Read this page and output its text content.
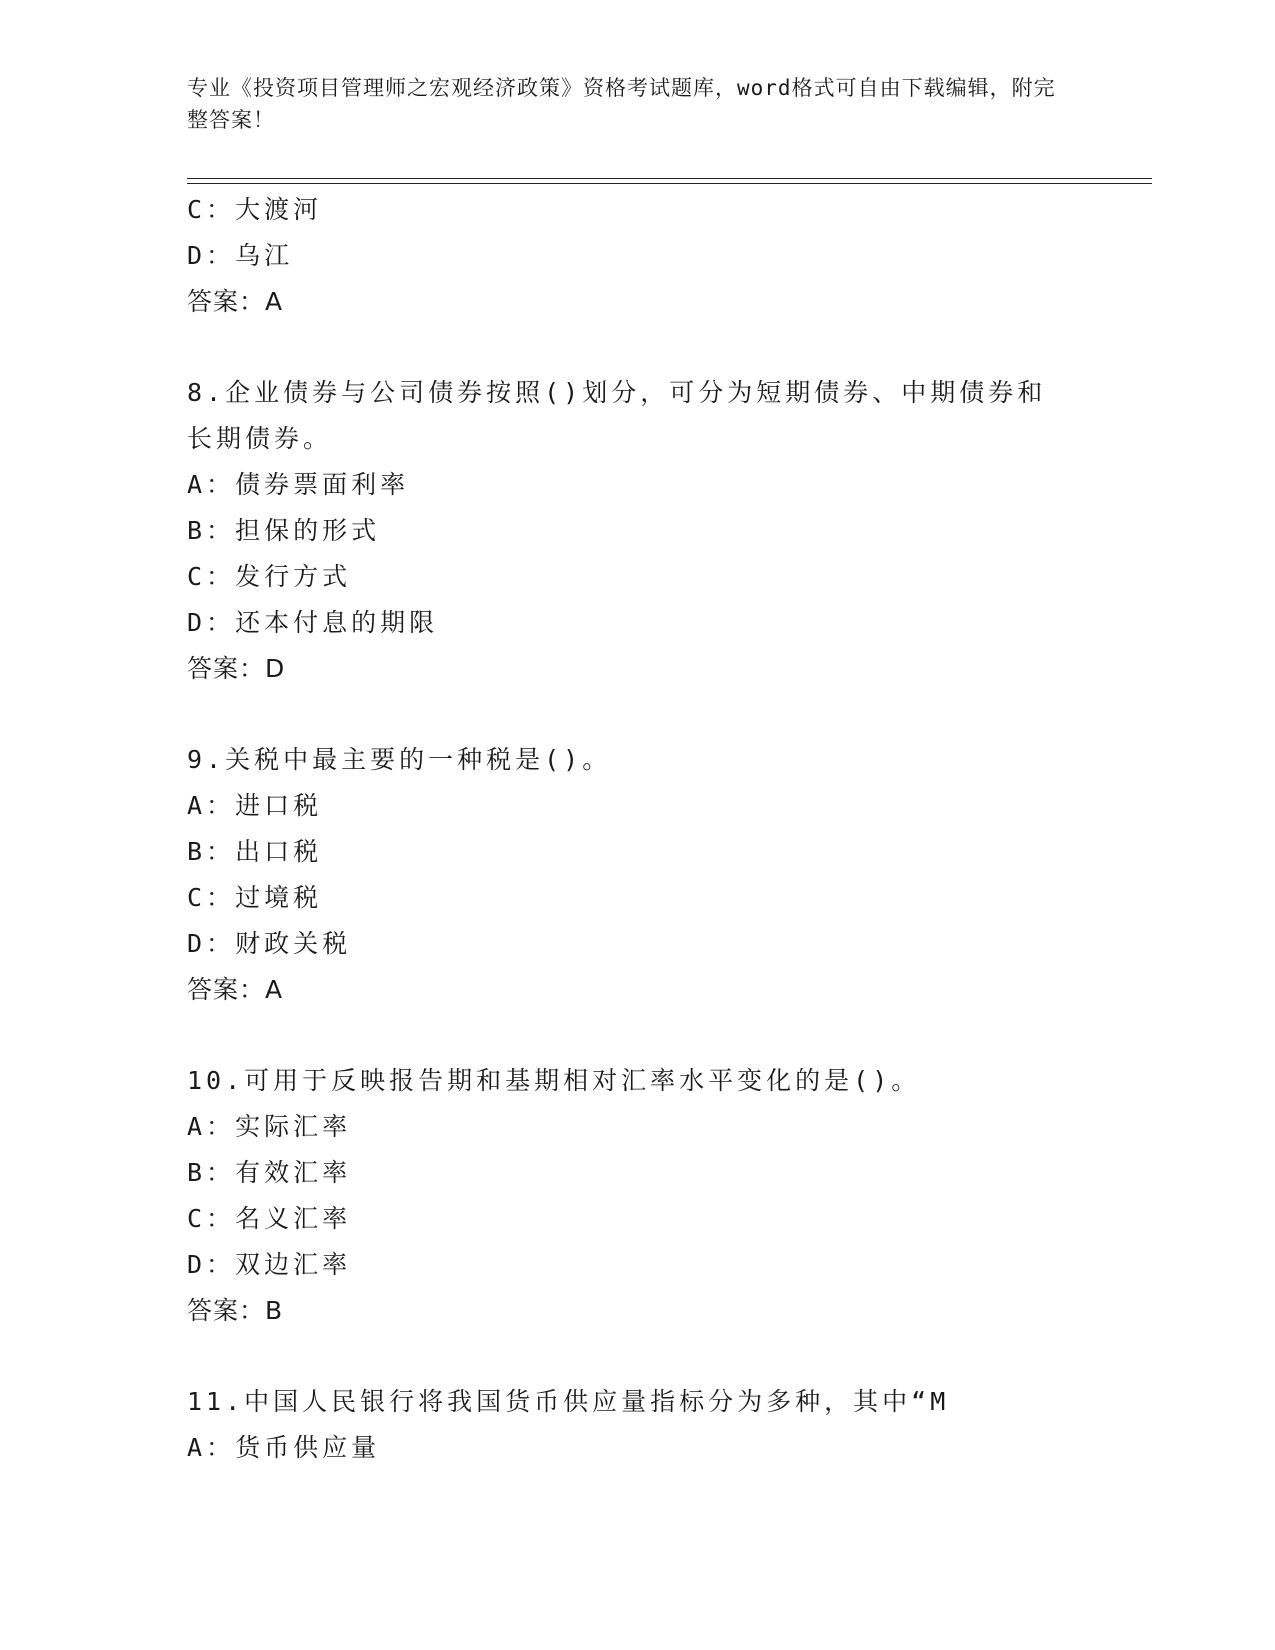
专业《投资项目管理师之宏观经济政策》资格考试题库，word格式可自由下载编辑，附完整答案！
C：大渡河
D：乌江
答案：A
8.企业债券与公司债券按照()划分，可分为短期债券、中期债券和长期债券。
A：债券票面利率
B：担保的形式
C：发行方式
D：还本付息的期限
答案：D
9.关税中最主要的一种税是()。
A：进口税
B：出口税
C：过境税
D：财政关税
答案：A
10.可用于反映报告期和基期相对汇率水平变化的是()。
A：实际汇率
B：有效汇率
C：名义汇率
D：双边汇率
答案：B
11.中国人民银行将我国货币供应量指标分为多种，其中“M
A：货币供应量
